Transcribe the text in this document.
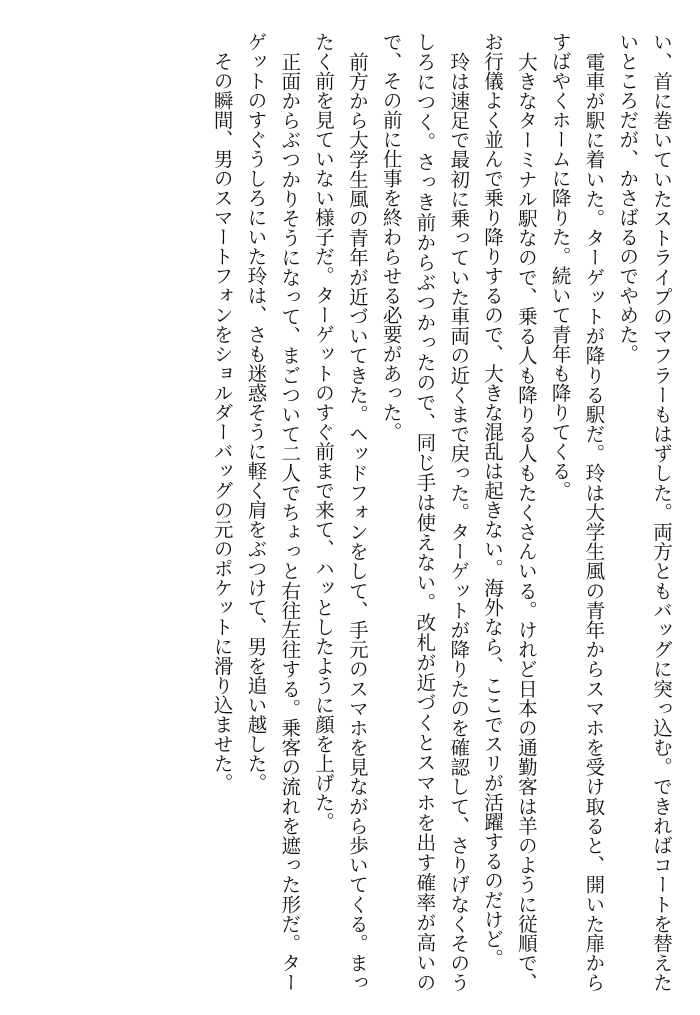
い、首に巻いていたストライプのマフラーもはずした。両方ともバッグに突っ込む。できればコートを替えたいところだが、かさばるのでやめた。

　電車が駅に着いた。ターゲットが降りる駅だ。玲は大学生風の青年からスマホを受け取ると、開いた扉からすばやくホームに降りた。続いて青年も降りてくる。

　大きなターミナル駅なので、乗る人も降りる人もたくさんいる。けれど日本の通勤客は羊のように従順で、お行儀よく並んで乗り降りするので、大きな混乱は起きない。海外なら、ここでスリが活躍するのだけど。

　玲は速足で最初に乗っていた車両の近くまで戻った。ターゲットが降りたのを確認して、さりげなくそのうしろにつく。さっき前からぶつかったので、同じ手は使えない。改札が近づくとスマホを出す確率が高いので、その前に仕事を終わらせる必要があった。

　前方から大学生風の青年が近づいてきた。ヘッドフォンをして、手元のスマホを見ながら歩いてくる。まったく前を見ていない様子だ。ターゲットのすぐ前まで来て、ハッとしたように顔を上げた。

　正面からぶつかりそうになって、まごついて二人でちょっと右往左往する。乗客の流れを遮った形だ。ターゲットのすぐうしろにいた玲は、さも迷惑そうに軽く肩をぶつけて、男を追い越した。

　その瞬間、男のスマートフォンをショルダーバッグの元のポケットに滑り込ませた。
